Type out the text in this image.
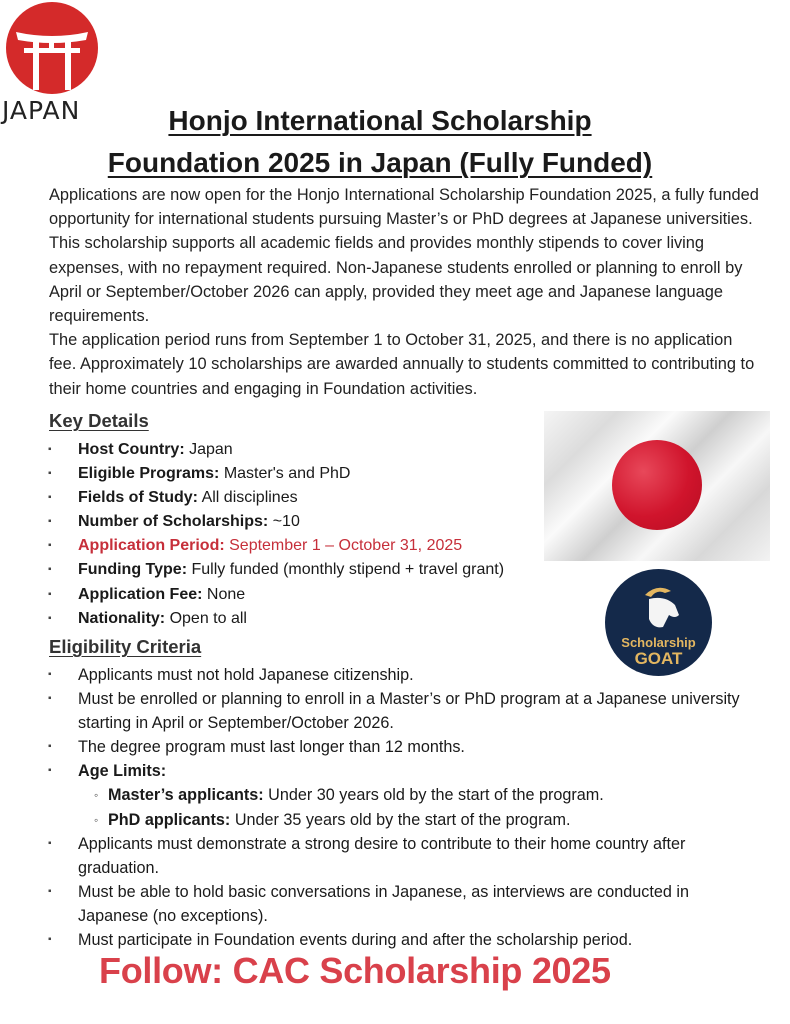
JAPAN	Honjo International Scholarship
Foundation 2025 in Japan (Fully Funded)

Applications are now open for the Honjo International Scholarship Foundation 2025, a fully funded opportunity for international students pursuing Master’s or PhD degrees at Japanese universities. This scholarship supports all academic fields and provides monthly stipends to cover living expenses, with no repayment required. Non-Japanese students enrolled or planning to enroll by April or September/October 2026 can apply, provided they meet age and Japanese language requirements.

The application period runs from September 1 to October 31, 2025, and there is no application fee. Approximately 10 scholarships are awarded annually to students committed to contributing to their home countries and engaging in Foundation activities.

Key Details
▪ Host Country: Japan
▪ Eligible Programs: Master's and PhD
▪ Fields of Study: All disciplines
▪ Number of Scholarships: ~10
▪ Application Period: September 1 – October 31, 2025
▪ Funding Type: Fully funded (monthly stipend + travel grant)
▪ Application Fee: None
▪ Nationality: Open to all
Scholarship
GOAT
Eligibility Criteria
▪ Applicants must not hold Japanese citizenship.
▪ Must be enrolled or planning to enroll in a Master’s or PhD program at a Japanese university starting in April or September/October 2026.
▪ The degree program must last longer than 12 months.
▪ Age Limits:
◦ Master’s applicants: Under 30 years old by the start of the program.
◦ PhD applicants: Under 35 years old by the start of the program.
▪ Applicants must demonstrate a strong desire to contribute to their home country after graduation.
▪ Must be able to hold basic conversations in Japanese, as interviews are conducted in Japanese (no exceptions).
▪ Must participate in Foundation events during and after the scholarship period.
Follow: CAC Scholarship 2025
